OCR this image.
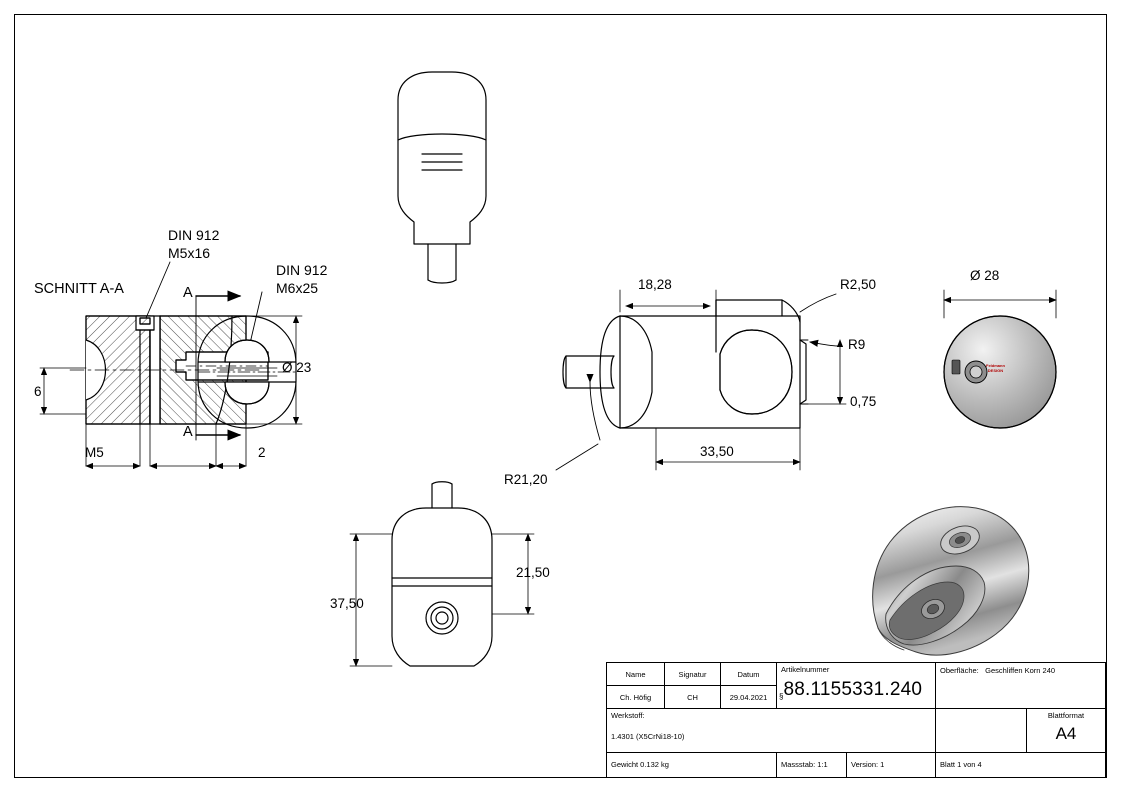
SCHNITT A-A
DIN 912
M5x16
DIN 912
M6x25
Ø 23
6
M5	2
A
A
18,28
33,50
R2,50
R9
0,75
R21,20
Ø 28
37,50
21,50
Feldmann
DESIGN
Name	Signatur	Datum
Ch. Höfig	CH	29.04.2021
Artikelnummer
§88.1155331.240
Oberfläche: Geschliffen Korn 240
Werkstoff:
1.4301 (X5CrNi18-10)
Blattformat
A4
Gewicht 0.132 kg	Massstab: 1:1	Version: 1	Blatt 1 von 4
